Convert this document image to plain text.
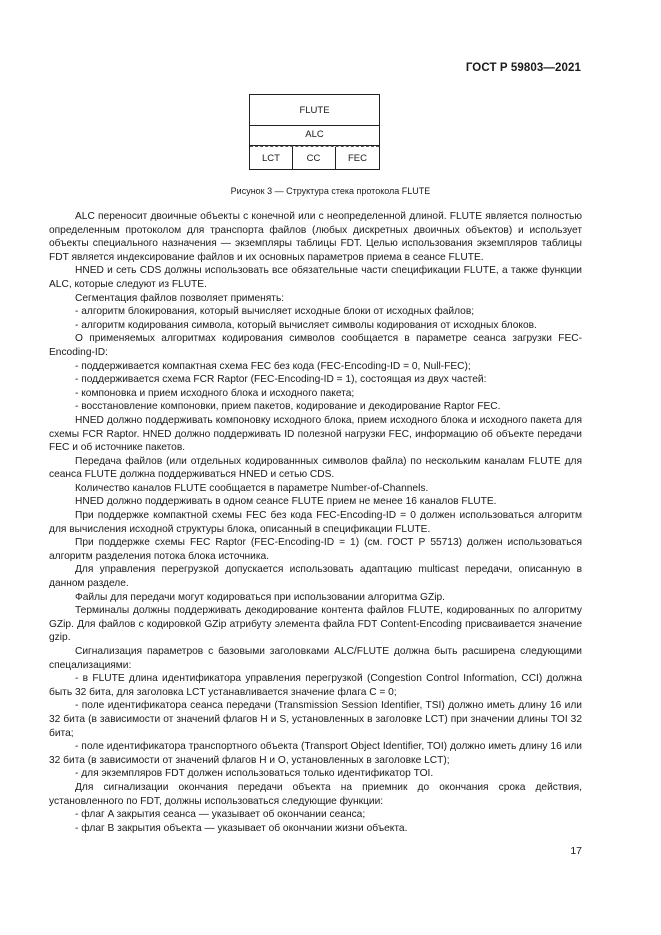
ГОСТ Р 59803—2021
FLUTE
ALC
LCT	CC	FEC
Рисунок 3 — Структура стека протокола FLUTE

ALC переносит двоичные объекты с конечной или с неопределенной длиной. FLUTE является полностью определенным протоколом для транспорта файлов (любых дискретных двоичных объектов) и использует объекты специального назначения — экземпляры таблицы FDT. Целью использования экземпляров таблицы FDT является индексирование файлов и их основных параметров приема в сеансе FLUTE.

HNED и сеть CDS должны использовать все обязательные части спецификации FLUTE, а также функции ALC, которые следуют из FLUTE.

Сегментация файлов позволяет применять:

- алгоритм блокирования, который вычисляет исходные блоки от исходных файлов;

- алгоритм кодирования символа, который вычисляет символы кодирования от исходных блоков.

О применяемых алгоритмах кодирования символов сообщается в параметре сеанса загрузки FEC-Encoding-ID:

- поддерживается компактная схема FEC без кода (FEC-Encoding-ID = 0, Null-FEC);

- поддерживается схема FCR Raptor (FEC-Encoding-ID = 1), состоящая из двух частей:

- компоновка и прием исходного блока и исходного пакета;

- восстановление компоновки, прием пакетов, кодирование и декодирование Raptor FEC.

HNED должно поддерживать компоновку исходного блока, прием исходного блока и исходного пакета для схемы FCR Raptor. HNED должно поддерживать ID полезной нагрузки FEC, информацию об объекте передачи FEC и об источнике пакетов.

Передача файлов (или отдельных кодированнных символов файла) по нескольким каналам FLUTE для сеанса FLUTE должна поддерживаться HNED и сетью CDS.

Количество каналов FLUTE сообщается в параметре Number-of-Channels.

HNED должно поддерживать в одном сеансе FLUTE прием не менее 16 каналов FLUTE.

При поддержке компактной схемы FEC без кода FEC-Encoding-ID = 0 должен использоваться алгоритм для вычисления исходной структуры блока, описанный в спецификации FLUTE.

При поддержке схемы FEC Raptor (FEC-Encoding-ID = 1) (см. ГОСТ Р 55713) должен использоваться алгоритм разделения потока блока источника.

Для управления перегрузкой допускается использовать адаптацию multicast передачи, описанную в данном разделе.

Файлы для передачи могут кодироваться при использовании алгоритма GZip.

Терминалы должны поддерживать декодирование контента файлов FLUTE, кодированных по алгоритму GZip. Для файлов с кодировкой GZip атрибуту элемента файла FDT Content-Encoding присваивается значение gzip.

Сигнализация параметров с базовыми заголовками ALC/FLUTE должна быть расширена следующими спецализациями:

- в FLUTE длина идентификатора управления перегрузкой (Congestion Control Information, CCI) должна быть 32 бита, для заголовка LCT устанавливается значение флага C = 0;

- поле идентификатора сеанса передачи (Transmission Session Identifier, TSI) должно иметь длину 16 или 32 бита (в зависимости от значений флагов H и S, установленных в заголовке LCT) при значении длины TOI 32 бита;

- поле идентификатора транспортного объекта (Transport Object Identifier, TOI) должно иметь длину 16 или 32 бита (в зависимости от значений флагов H и O, установленных в заголовке LCT);

- для экземпляров FDT должен использоваться только идентификатор TOI.

Для сигнализации окончания передачи объекта на приемник до окончания срока действия, установленного по FDT, должны использоваться следующие функции:

- флаг A закрытия сеанса — указывает об окончании сеанса;

- флаг B закрытия объекта — указывает об окончании жизни объекта.

17
